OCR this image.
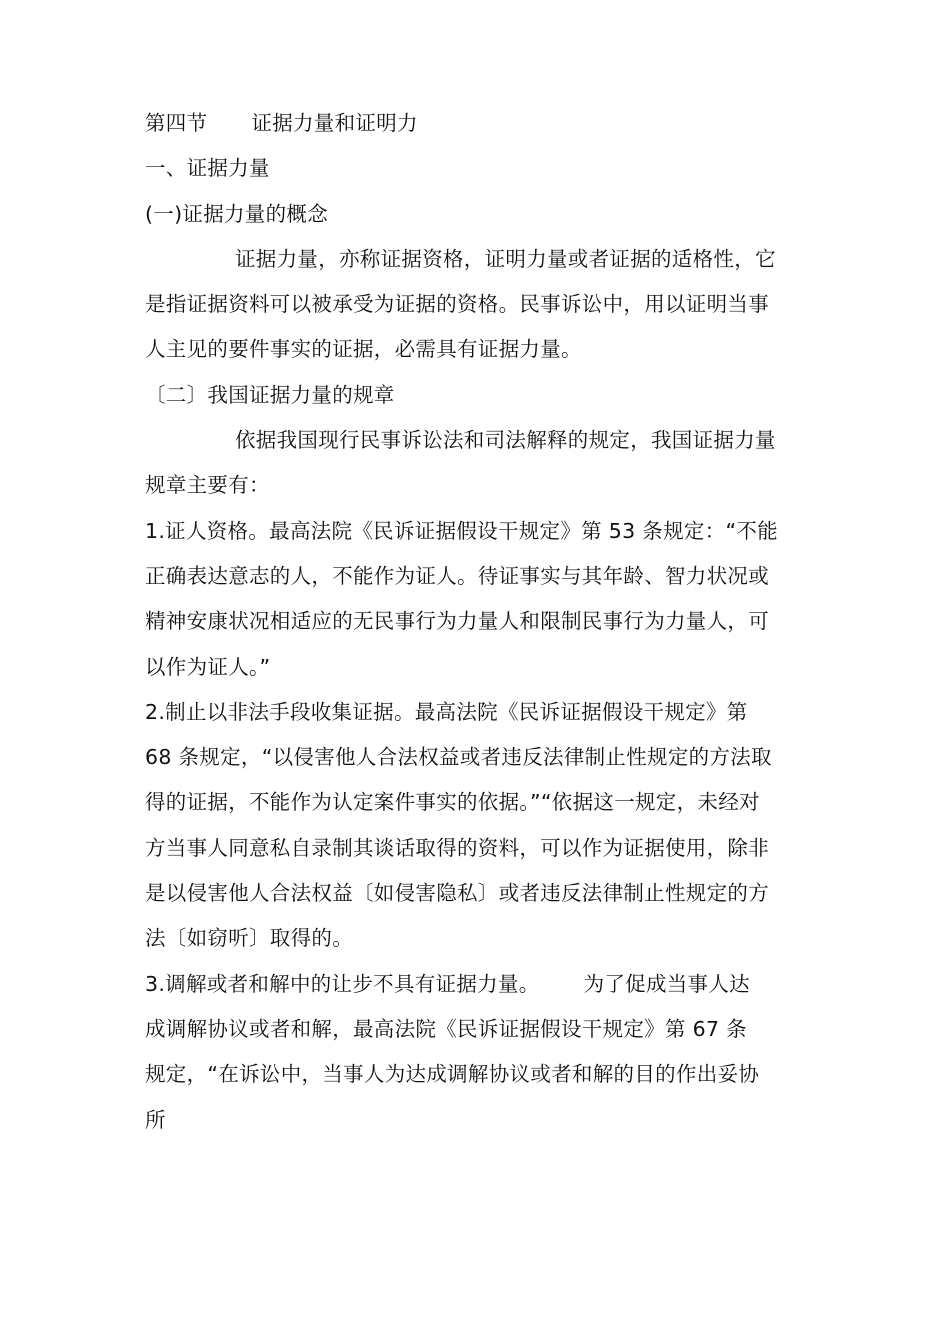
第四节 证据力量和证明力
一、证据力量
(一)证据力量的概念
证据力量，亦称证据资格，证明力量或者证据的适格性，它
是指证据资料可以被承受为证据的资格。民事诉讼中，用以证明当事
人主见的要件事实的证据，必需具有证据力量。
〔二〕我国证据力量的规章
依据我国现行民事诉讼法和司法解释的规定，我国证据力量
规章主要有：
1.证人资格。最高法院《民诉证据假设干规定》第 53 条规定：“不能
正确表达意志的人，不能作为证人。待证事实与其年龄、智力状况或
精神安康状况相适应的无民事行为力量人和限制民事行为力量人，可
以作为证人。”
2.制止以非法手段收集证据。最高法院《民诉证据假设干规定》第
68 条规定，“以侵害他人合法权益或者违反法律制止性规定的方法取
得的证据，不能作为认定案件事实的依据。”“依据这一规定，未经对
方当事人同意私自录制其谈话取得的资料，可以作为证据使用，除非
是以侵害他人合法权益〔如侵害隐私〕或者违反法律制止性规定的方
法〔如窃听〕取得的。
3.调解或者和解中的让步不具有证据力量。 为了促成当事人达
成调解协议或者和解，最高法院《民诉证据假设干规定》第 67 条
规定，“在诉讼中，当事人为达成调解协议或者和解的目的作出妥协
所
